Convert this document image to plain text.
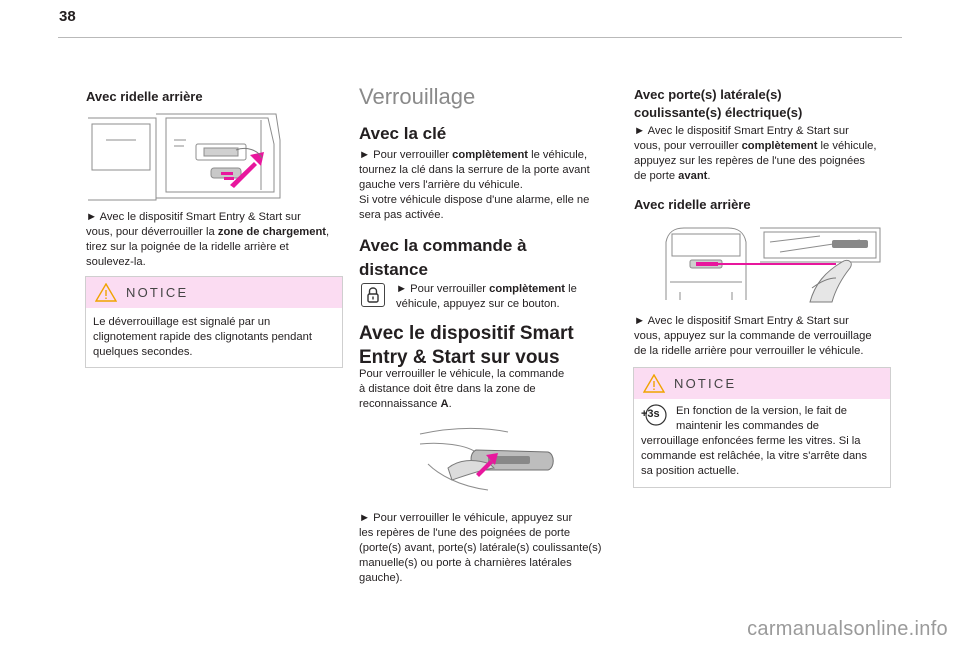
38
Avec ridelle arrière
► Avec le dispositif Smart Entry & Start sur
vous, pour déverrouiller la zone de chargement,
tirez sur la poignée de la ridelle arrière et
soulevez-la.
NOTICE
Le déverrouillage est signalé par un
clignotement rapide des clignotants pendant
quelques secondes.
Verrouillage
Avec la clé
► Pour verrouiller complètement le véhicule,
tournez la clé dans la serrure de la porte avant
gauche vers l'arrière du véhicule.
Si votre véhicule dispose d'une alarme, elle ne
sera pas activée.
Avec la commande à
distance
► Pour verrouiller complètement le
véhicule, appuyez sur ce bouton.
Avec le dispositif Smart
Entry & Start sur vous
Pour verrouiller le véhicule, la commande
à distance doit être dans la zone de
reconnaissance A.
► Pour verrouiller le véhicule, appuyez sur
les repères de l'une des poignées de porte
(porte(s) avant, porte(s) latérale(s) coulissante(s)
manuelle(s) ou porte à charnières latérales
gauche).
Avec porte(s) latérale(s)
coulissante(s) électrique(s)
► Avec le dispositif Smart Entry & Start sur
vous, pour verrouiller complètement le véhicule,
appuyez sur les repères de l'une des poignées
de porte avant.
Avec ridelle arrière
► Avec le dispositif Smart Entry & Start sur
vous, appuyez sur la commande de verrouillage
de la ridelle arrière pour verrouiller le véhicule.
NOTICE
+3s En fonction de la version, le fait de
maintenir les commandes de
verrouillage enfoncées ferme les vitres. Si la
commande est relâchée, la vitre s'arrête dans
sa position actuelle.
carmanualsonline.info
